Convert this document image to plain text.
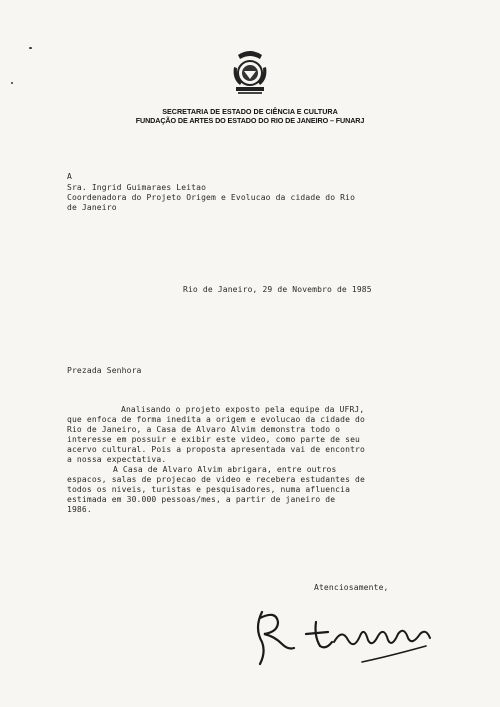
SECRETARIA DE ESTADO DE CIÊNCIA E CULTURA
FUNDAÇÃO DE ARTES DO ESTADO DO RIO DE JANEIRO – FUNARJ
A
Sra. Ingrid Guimaraes Leitao
Coordenadora do Projeto Origem e Evolucao da cidade do Rio
de Janeiro
Rio de Janeiro, 29 de Novembro de 1985
Prezada Senhora
Analisando o projeto exposto pela equipe da UFRJ,
que enfoca de forma inedita a origem e evolucao da cidade do
Rio de Janeiro, a Casa de Alvaro Alvim demonstra todo o
interesse em possuir e exibir este video, como parte de seu
acervo cultural. Pois a proposta apresentada vai de encontro
a nossa expectativa.
A Casa de Alvaro Alvim abrigara, entre outros
espacos, salas de projecao de video e recebera estudantes de
todos os niveis, turistas e pesquisadores, numa afluencia
estimada em 30.000 pessoas/mes, a partir de janeiro de
1986.
Atenciosamente,
